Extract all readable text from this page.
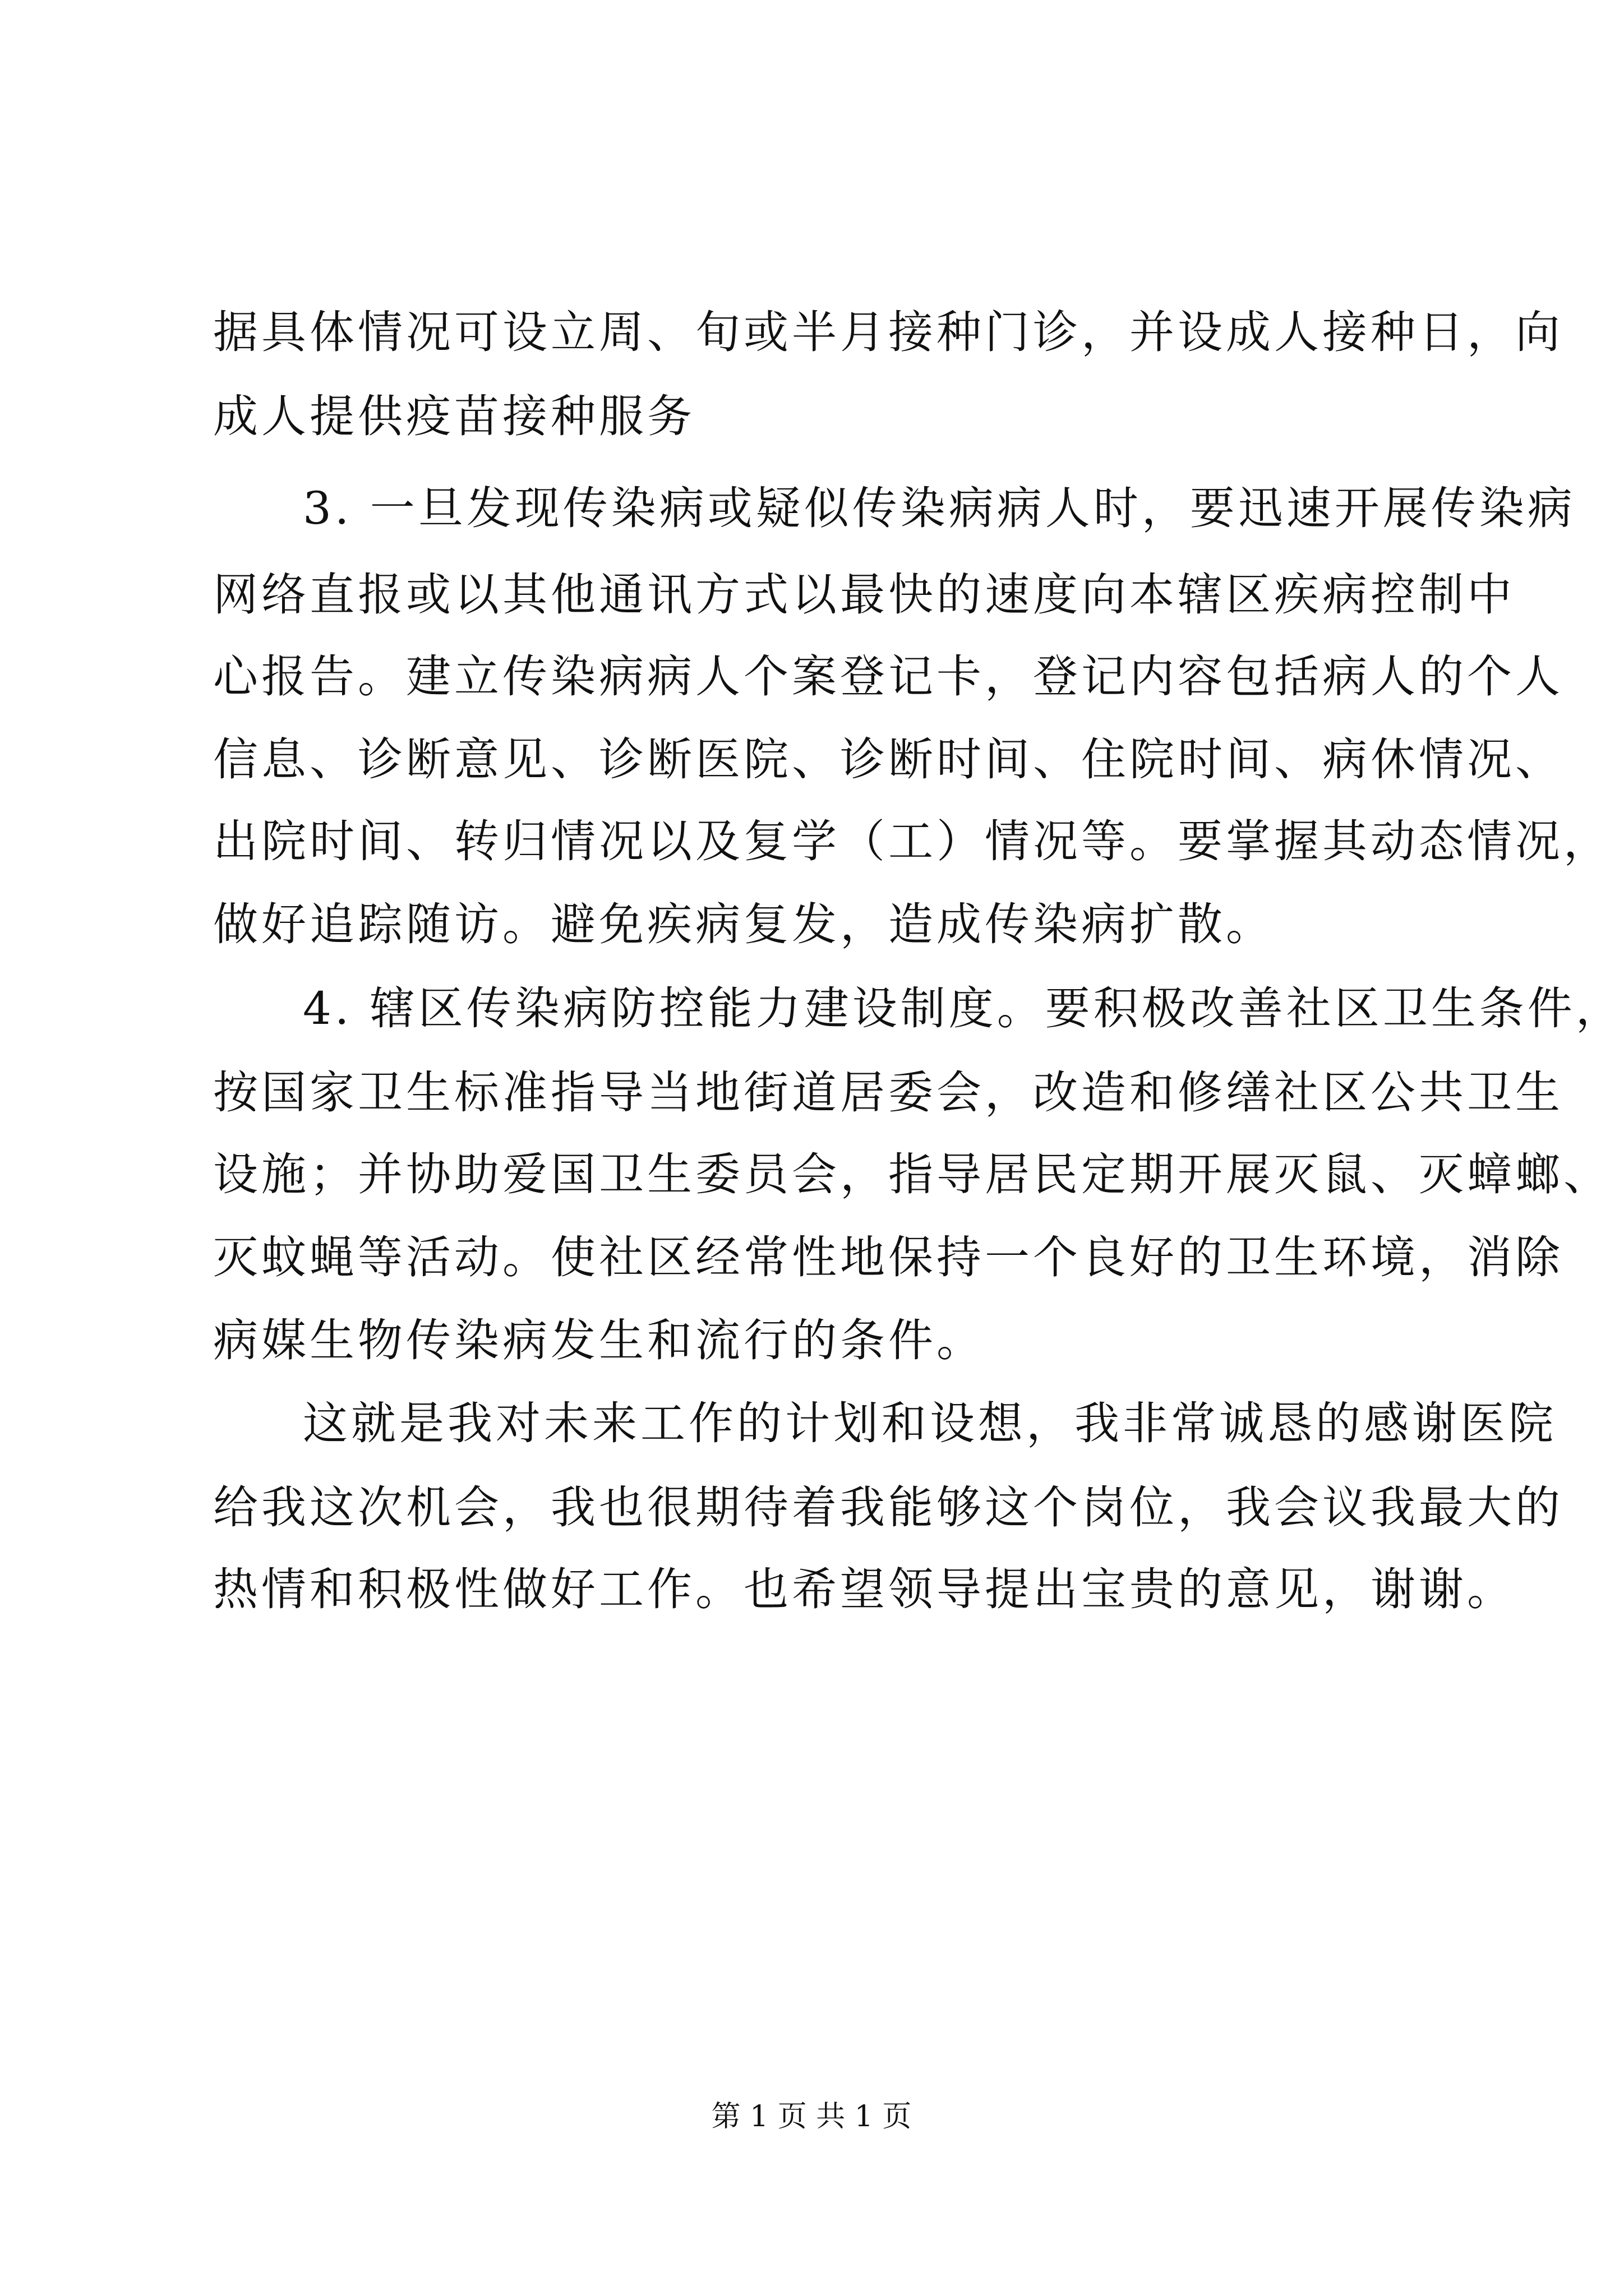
据具体情况可设立周、旬或半月接种门诊，并设成人接种日，向
成人提供疫苗接种服务
3. 一旦发现传染病或疑似传染病病人时，要迅速开展传染病
网络直报或以其他通讯方式以最快的速度向本辖区疾病控制中
心报告。建立传染病病人个案登记卡，登记内容包括病人的个人
信息、诊断意见、诊断医院、诊断时间、住院时间、病休情况、
出院时间、转归情况以及复学（工）情况等。要掌握其动态情况，
做好追踪随访。避免疾病复发，造成传染病扩散。
4. 辖区传染病防控能力建设制度。要积极改善社区卫生条件，
按国家卫生标准指导当地街道居委会，改造和修缮社区公共卫生
设施；并协助爱国卫生委员会，指导居民定期开展灭鼠、灭蟑螂、
灭蚊蝇等活动。使社区经常性地保持一个良好的卫生环境，消除
病媒生物传染病发生和流行的条件。
这就是我对未来工作的计划和设想，我非常诚恳的感谢医院
给我这次机会，我也很期待着我能够这个岗位，我会议我最大的
热情和积极性做好工作。也希望领导提出宝贵的意见，谢谢。
第 1 页 共 1 页
